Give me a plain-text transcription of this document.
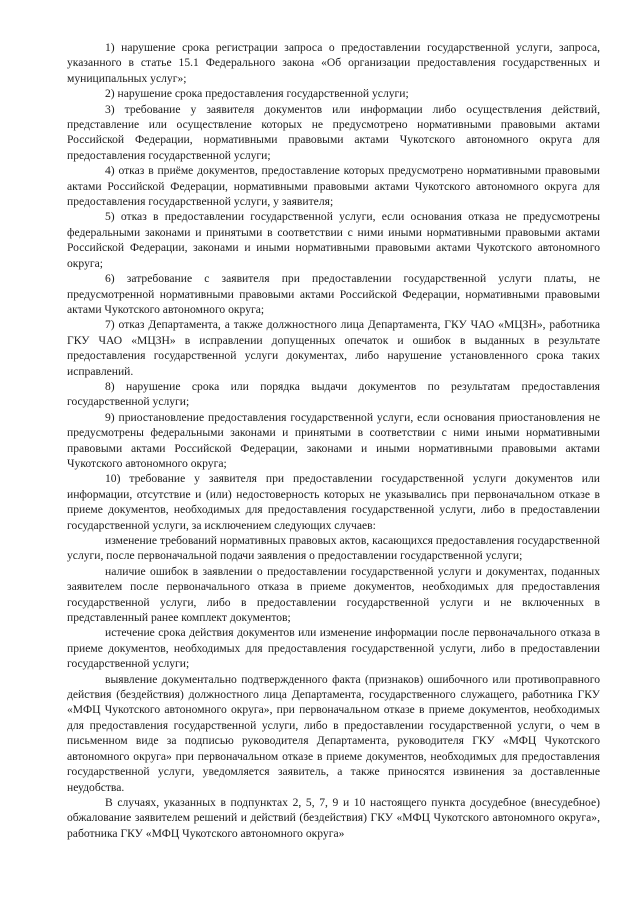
1) нарушение срока регистрации запроса о предоставлении государственной услуги, запроса, указанного в статье 15.1 Федерального закона «Об организации предоставления государственных и муниципальных услуг»;

2) нарушение срока предоставления государственной услуги;

3) требование у заявителя документов или информации либо осуществления действий, представление или осуществление которых не предусмотрено нормативными правовыми актами Российской Федерации, нормативными правовыми актами Чукотского автономного округа для предоставления государственной услуги;

4) отказ в приёме документов, предоставление которых предусмотрено нормативными правовыми актами Российской Федерации, нормативными правовыми актами Чукотского автономного округа для предоставления государственной услуги, у заявителя;

5) отказ в предоставлении государственной услуги, если основания отказа не предусмотрены федеральными законами и принятыми в соответствии с ними иными нормативными правовыми актами Российской Федерации, законами и иными нормативными правовыми актами Чукотского автономного округа;

6) затребование с заявителя при предоставлении государственной услуги платы, не предусмотренной нормативными правовыми актами Российской Федерации, нормативными правовыми актами Чукотского автономного округа;

7) отказ Департамента, а также должностного лица Департамента, ГКУ ЧАО «МЦЗН», работника ГКУ ЧАО «МЦЗН» в исправлении допущенных опечаток и ошибок в выданных в результате предоставления государственной услуги документах, либо нарушение установленного срока таких исправлений.

8) нарушение срока или порядка выдачи документов по результатам предоставления государственной услуги;

9) приостановление предоставления государственной услуги, если основания приостановления не предусмотрены федеральными законами и принятыми в соответствии с ними иными нормативными правовыми актами Российской Федерации, законами и иными нормативными правовыми актами Чукотского автономного округа;

10) требование у заявителя при предоставлении государственной услуги документов или информации, отсутствие и (или) недостоверность которых не указывались при первоначальном отказе в приеме документов, необходимых для предоставления государственной услуги, либо в предоставлении государственной услуги, за исключением следующих случаев:

изменение требований нормативных правовых актов, касающихся предоставления государственной услуги, после первоначальной подачи заявления о предоставлении государственной услуги;

наличие ошибок в заявлении о предоставлении государственной услуги и документах, поданных заявителем после первоначального отказа в приеме документов, необходимых для предоставления государственной услуги, либо в предоставлении государственной услуги и не включенных в представленный ранее комплект документов;

истечение срока действия документов или изменение информации после первоначального отказа в приеме документов, необходимых для предоставления государственной услуги, либо в предоставлении государственной услуги;

выявление документально подтвержденного факта (признаков) ошибочного или противоправного действия (бездействия) должностного лица Департамента, государственного служащего, работника ГКУ «МФЦ Чукотского автономного округа», при первоначальном отказе в приеме документов, необходимых для предоставления государственной услуги, либо в предоставлении государственной услуги, о чем в письменном виде за подписью руководителя Департамента, руководителя ГКУ «МФЦ Чукотского автономного округа» при первоначальном отказе в приеме документов, необходимых для предоставления государственной услуги, уведомляется заявитель, а также приносятся извинения за доставленные неудобства.

В случаях, указанных в подпунктах 2, 5, 7, 9 и 10 настоящего пункта досудебное (внесудебное) обжалование заявителем решений и действий (бездействия) ГКУ «МФЦ Чукотского автономного округа», работника ГКУ «МФЦ Чукотского автономного округа»
